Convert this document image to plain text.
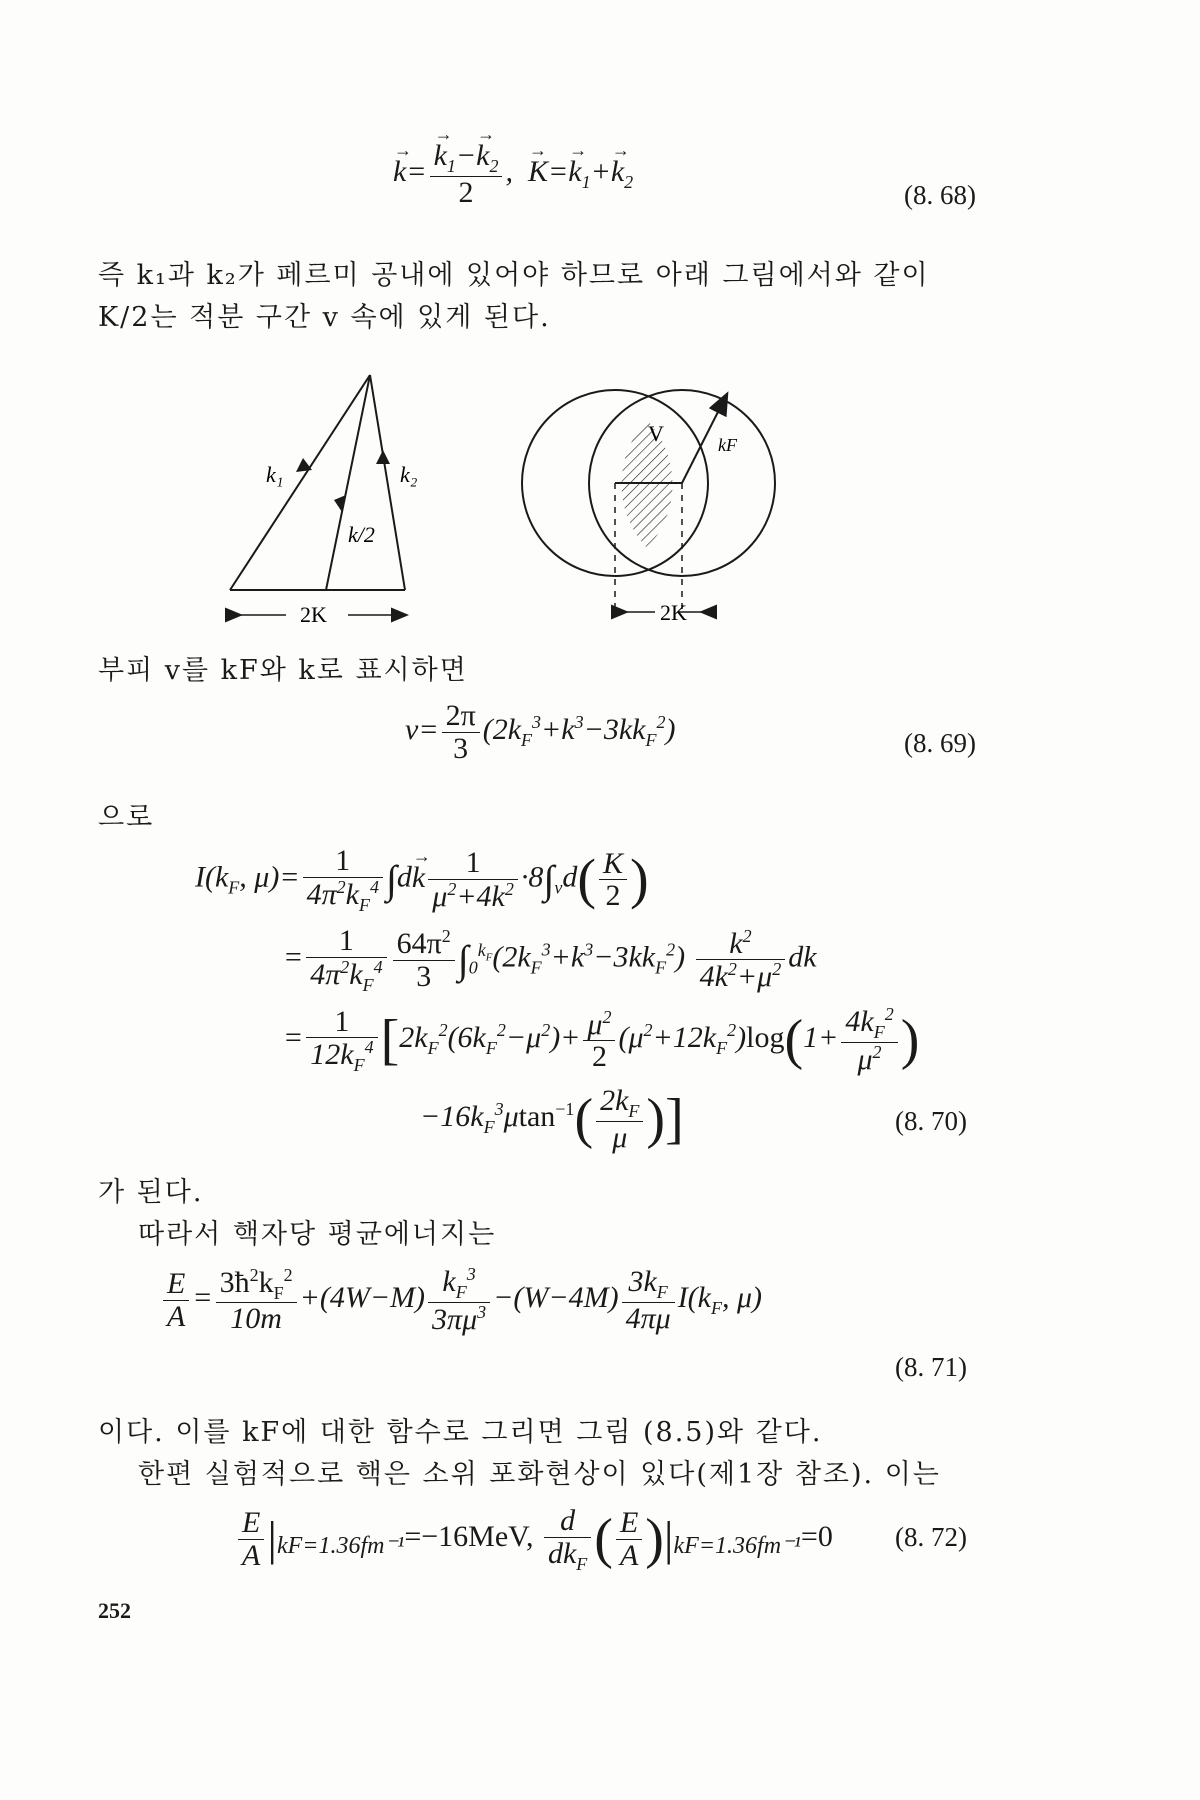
→ k=
→ $\frac{k_1-\to k_2}{2}$ ,  → $K=\to k_1+\to k_2$	(8. 68)
즉 k₁과 k₂가 페르미 공내에 있어야 하므로 아래 그림에서와 같이
K/2는 적분 구간 v 속에 있게 된다.
k₁	k₂
k/2
2K
V	kF
2K
부피 v를 kF와 k로 표시하면
$v= \frac{2\pi}{3} (2k_F^3+k^3-3kk_F^2)$	(8. 69)
으로
$I(k_F$, $\mu)= \frac{1}{4\pi^2k_F^4} \int d\to k \frac{1}{\mu^2+4k^2} \cdot 8\int_vd( \frac{K}{2}$ )
= $\frac{1}{4\pi^2k_F^4} \frac{64\pi^2}{3} \int_0^{k_F}(2k_F^3+k^3-3kk_F^2) \frac{k^2}{4k^2+\mu^2}$ dk
= $\frac{1}{12k_F^4} [2k_F^2(6k_F^2-\mu^2)+ \frac{\mu^2}{2} (\mu^2+12k_F^2)\log(1+ \frac{4k_F^2}{\mu^2}$ )
$-16k_F^3\mu\tan^{-1}( \frac{2k_F}{\mu}$ )]	(8. 70)
가 된다.
따라서 핵자당 평균에너지는
$\frac{E}{A} = \frac{3ħ^2k_F^2}{10m} +(4W-M) \frac{k_F^3}{3\pi\mu^3} -(W-4M) \frac{3k_F}{4\pi\mu} I(k_F$, μ)
(8. 71)
이다. 이를 kF에 대한 함수로 그리면 그림 (8.5)와 같다.
한편 실험적으로 핵은 소위 포화현상이 있다(제1장 참조). 이는
$\frac{E}{A} |_{kF=1.36fm^{-1}}=-16MeV$, $\frac{d}{dk_F}$ ( $\frac{E}{A} )|_{kF=1.36fm^{-1}}=0$ (8. 72)
252
